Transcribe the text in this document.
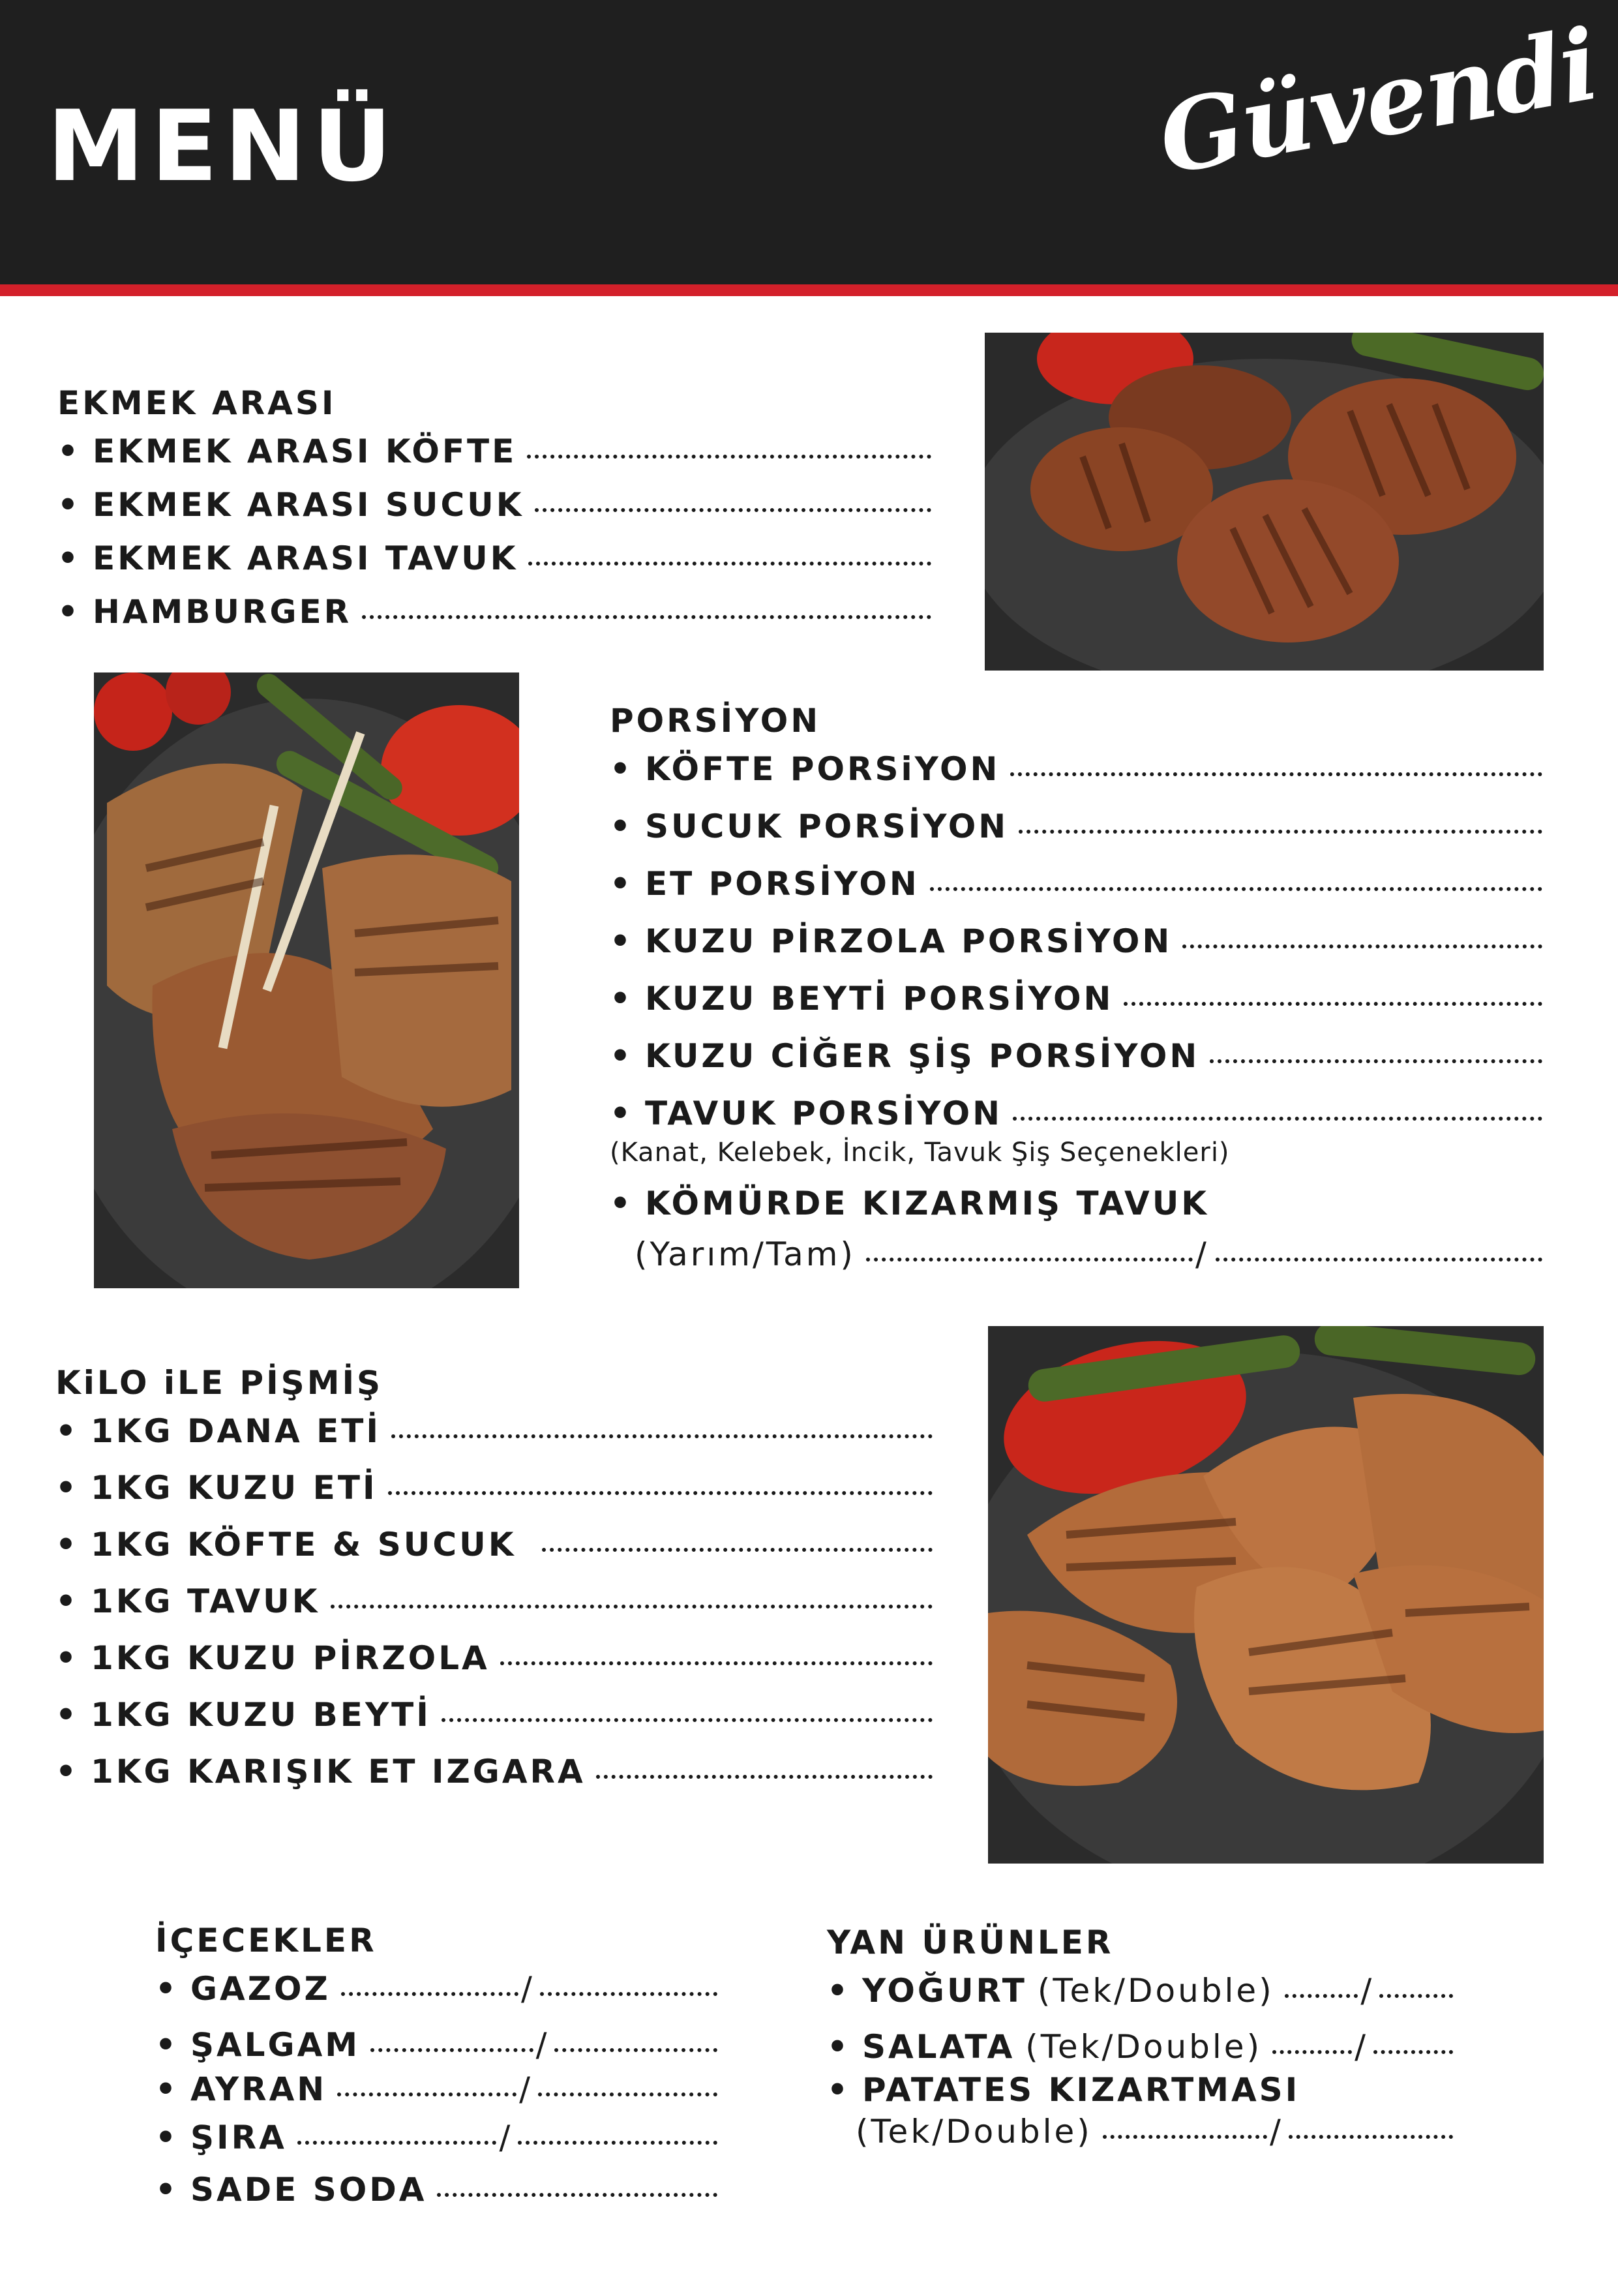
MENÜ	Güvendi
EKMEK ARASI
• EKMEK ARASI KÖFTE
• EKMEK ARASI SUCUK
• EKMEK ARASI TAVUK
• HAMBURGER
PORSİYON
• KÖFTE PORSiYON
• SUCUK PORSİYON
• ET PORSİYON
• KUZU PİRZOLA PORSİYON
• KUZU BEYTİ PORSİYON
• KUZU CİĞER ŞİŞ PORSİYON
• TAVUK PORSİYON
(Kanat, Kelebek, İncik, Tavuk Şiş Seçenekleri)
• KÖMÜRDE KIZARMIŞ TAVUK
(Yarım/Tam)	/
KiLO iLE PİŞMİŞ
• 1KG DANA ETİ
• 1KG KUZU ETİ
• 1KG KÖFTE & SUCUK
• 1KG TAVUK
• 1KG KUZU PİRZOLA
• 1KG KUZU BEYTİ
• 1KG KARIŞIK ET IZGARA
İÇECEKLER
• GAZOZ	/
• ŞALGAM	/
• AYRAN	/
• ŞIRA	/
• SADE SODA
YAN ÜRÜNLER
• YOĞURT (Tek/Double)	/
• SALATA (Tek/Double)	/
• PATATES KIZARTMASI
(Tek/Double)	/
